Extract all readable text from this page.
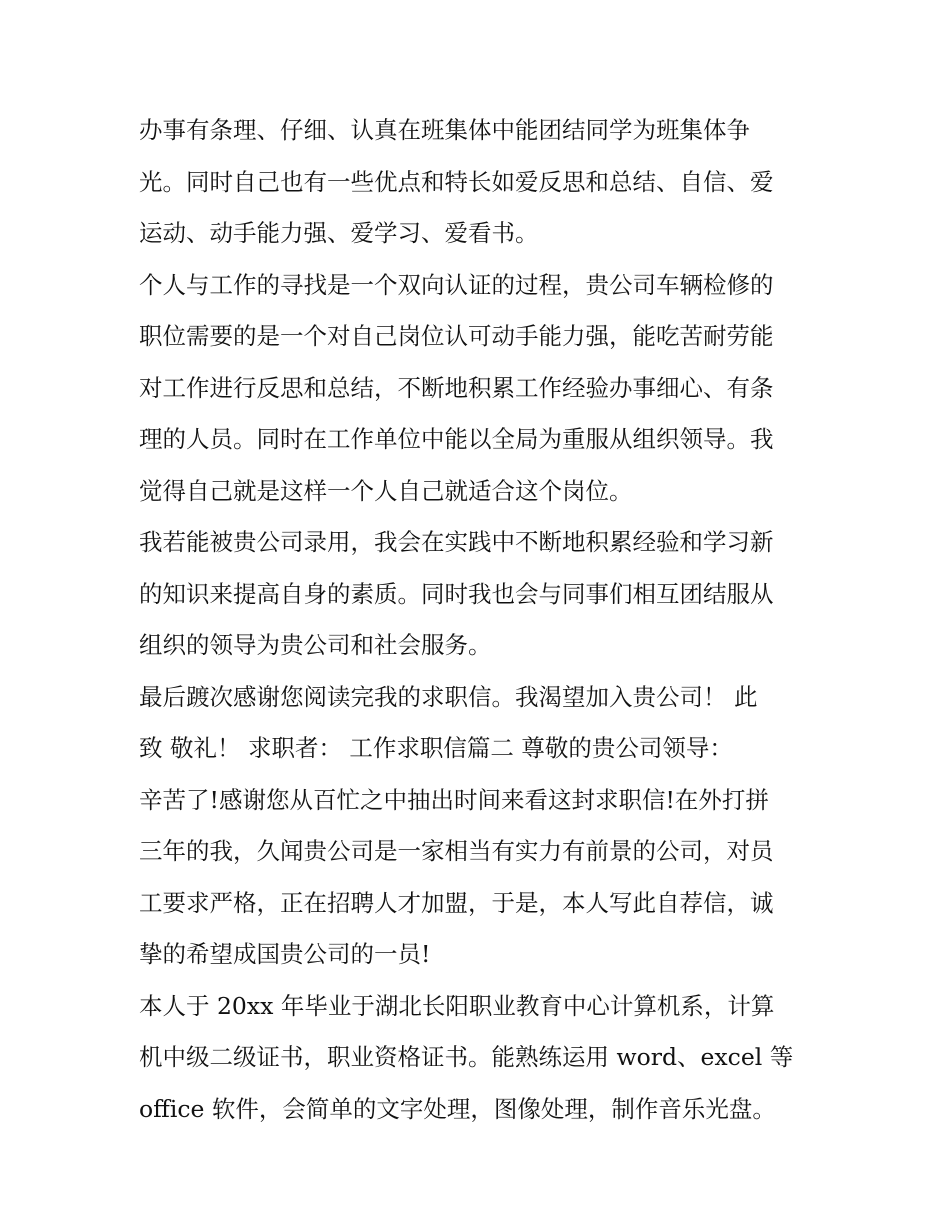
办事有条理、仔细、认真在班集体中能团结同学为班集体争
光。同时自己也有一些优点和特长如爱反思和总结、自信、爱
运动、动手能力强、爱学习、爱看书。
个人与工作的寻找是一个双向认证的过程，贵公司车辆检修的
职位需要的是一个对自己岗位认可动手能力强，能吃苦耐劳能
对工作进行反思和总结，不断地积累工作经验办事细心、有条
理的人员。同时在工作单位中能以全局为重服从组织领导。我
觉得自己就是这样一个人自己就适合这个岗位。
我若能被贵公司录用，我会在实践中不断地积累经验和学习新
的知识来提高自身的素质。同时我也会与同事们相互团结服从
组织的领导为贵公司和社会服务。
最后踱次感谢您阅读完我的求职信。我渴望加入贵公司！ 此
致 敬礼！ 求职者： 工作求职信篇二 尊敬的贵公司领导：
辛苦了!感谢您从百忙之中抽出时间来看这封求职信!在外打拼
三年的我，久闻贵公司是一家相当有实力有前景的公司，对员
工要求严格，正在招聘人才加盟，于是，本人写此自荐信，诚
挚的希望成国贵公司的一员!
本人于 20xx 年毕业于湖北长阳职业教育中心计算机系，计算
机中级二级证书，职业资格证书。能熟练运用 word、excel 等
office 软件，会简单的文字处理，图像处理，制作音乐光盘。
